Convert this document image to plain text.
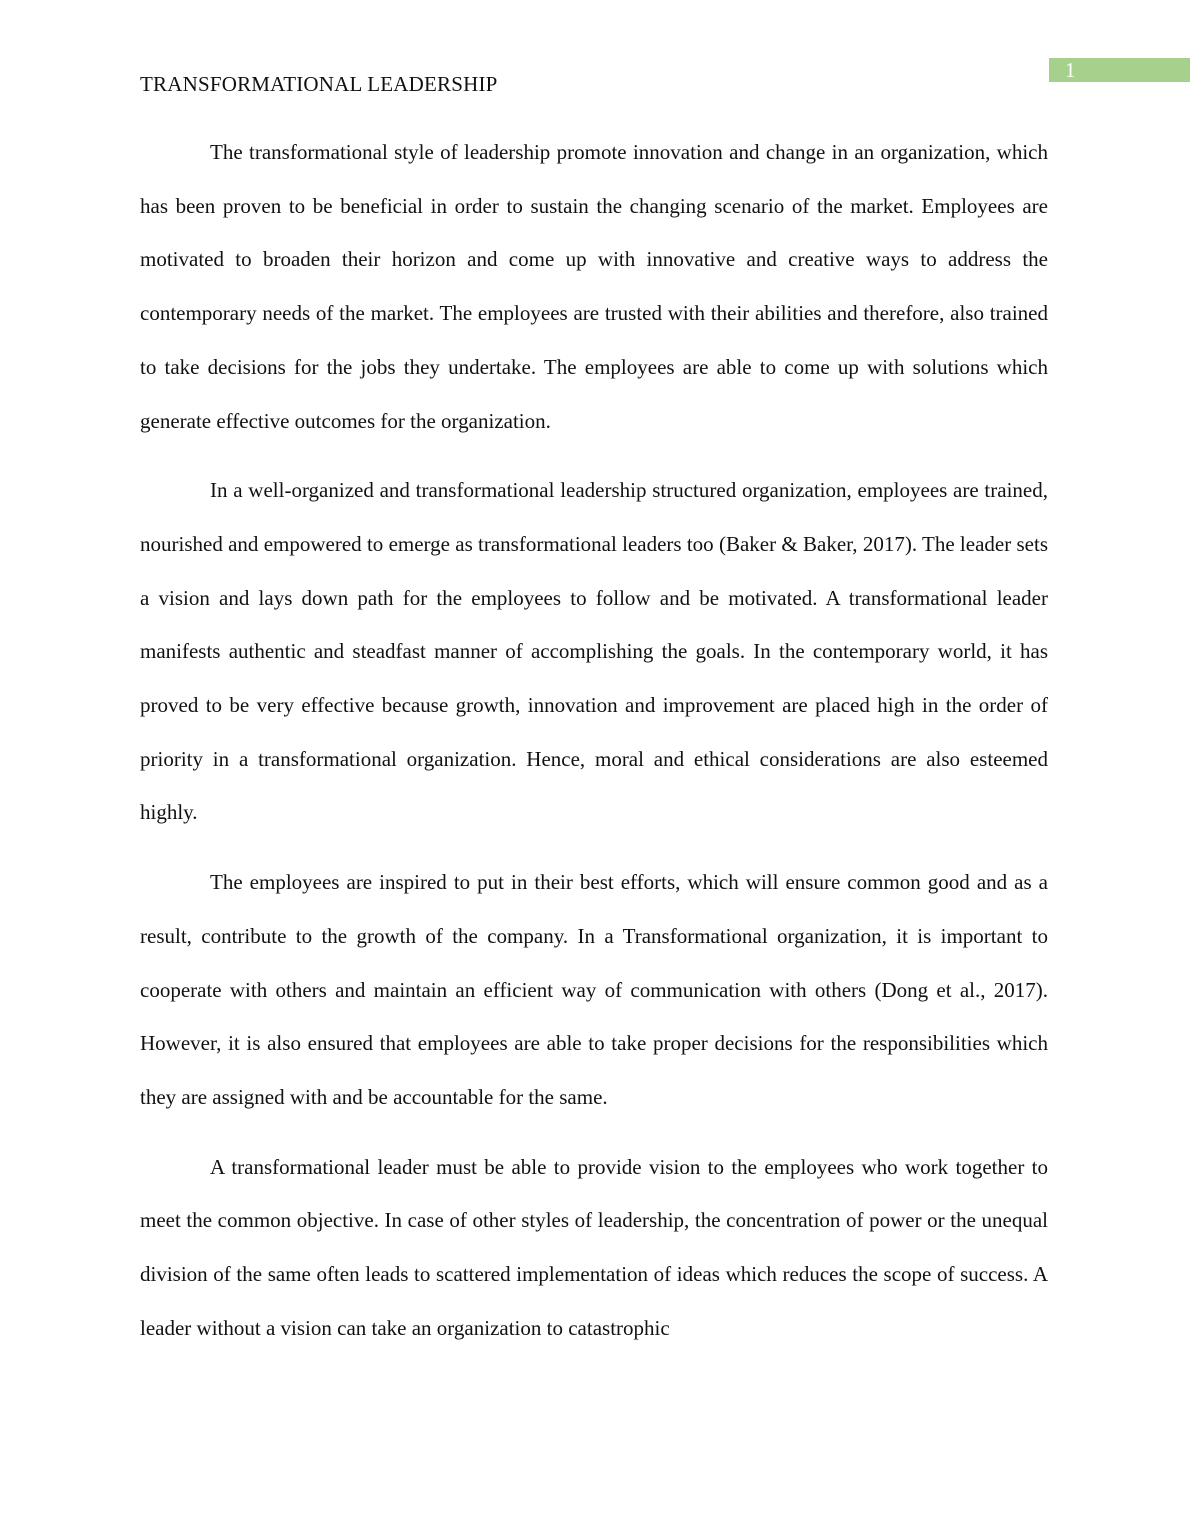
1
TRANSFORMATIONAL LEADERSHIP

The transformational style of leadership promote innovation and change in an organization, which has been proven to be beneficial in order to sustain the changing scenario of the market. Employees are motivated to broaden their horizon and come up with innovative and creative ways to address the contemporary needs of the market. The employees are trusted with their abilities and therefore, also trained to take decisions for the jobs they undertake. The employees are able to come up with solutions which generate effective outcomes for the organization.

In a well-organized and transformational leadership structured organization, employees are trained, nourished and empowered to emerge as transformational leaders too (Baker & Baker, 2017). The leader sets a vision and lays down path for the employees to follow and be motivated. A transformational leader manifests authentic and steadfast manner of accomplishing the goals. In the contemporary world, it has proved to be very effective because growth, innovation and improvement are placed high in the order of priority in a transformational organization. Hence, moral and ethical considerations are also esteemed highly.

The employees are inspired to put in their best efforts, which will ensure common good and as a result, contribute to the growth of the company. In a Transformational organization, it is important to cooperate with others and maintain an efficient way of communication with others (Dong et al., 2017). However, it is also ensured that employees are able to take proper decisions for the responsibilities which they are assigned with and be accountable for the same.

A transformational leader must be able to provide vision to the employees who work together to meet the common objective. In case of other styles of leadership, the concentration of power or the unequal division of the same often leads to scattered implementation of ideas which reduces the scope of success. A leader without a vision can take an organization to catastrophic
